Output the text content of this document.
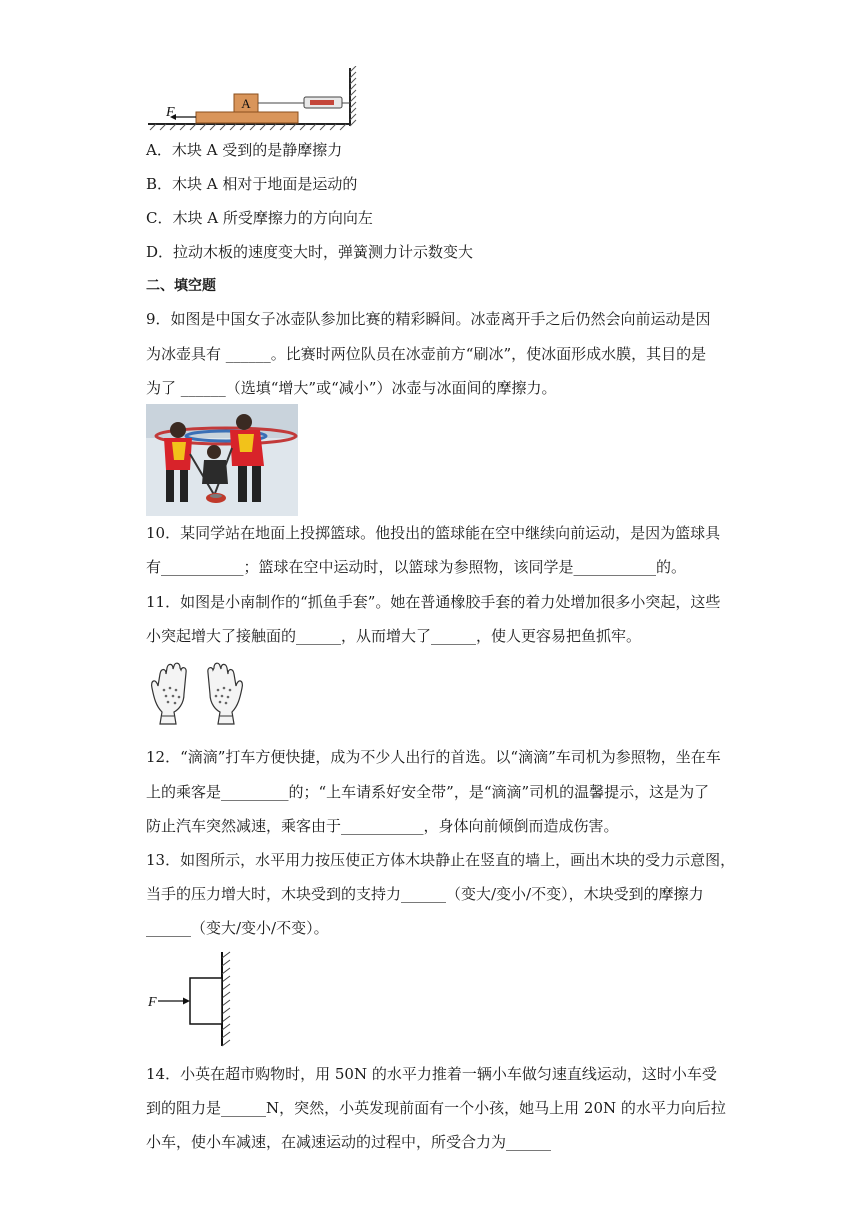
A
F
A．木块 A 受到的是静摩擦力
B．木块 A 相对于地面是运动的
C．木块 A 所受摩擦力的方向向左
D．拉动木板的速度变大时，弹簧测力计示数变大
二、填空题
9．如图是中国女子冰壶队参加比赛的精彩瞬间。冰壶离开手之后仍然会向前运动是因
为冰壶具有 ______。比赛时两位队员在冰壶前方“刷冰”，使冰面形成水膜，其目的是
为了 ______（选填“增大”或“减小”）冰壶与冰面间的摩擦力。
10．某同学站在地面上投掷篮球。他投出的篮球能在空中继续向前运动，是因为篮球具
有___________；篮球在空中运动时，以篮球为参照物，该同学是___________的。
11．如图是小南制作的“抓鱼手套”。她在普通橡胶手套的着力处增加很多小突起，这些
小突起增大了接触面的______，从而增大了______，使人更容易把鱼抓牢。
12．“滴滴”打车方便快捷，成为不少人出行的首选。以“滴滴”车司机为参照物，坐在车
上的乘客是_________的；“上车请系好安全带”，是“滴滴”司机的温馨提示，这是为了
防止汽车突然减速，乘客由于___________，身体向前倾倒而造成伤害。
13．如图所示，水平用力按压使正方体木块静止在竖直的墙上，画出木块的受力示意图，
当手的压力增大时，木块受到的支持力______（变大/变小/不变），木块受到的摩擦力
______（变大/变小/不变）。
F
14．小英在超市购物时，用 50N 的水平力推着一辆小车做匀速直线运动，这时小车受
到的阻力是______N，突然，小英发现前面有一个小孩，她马上用 20N 的水平力向后拉
小车，使小车减速，在减速运动的过程中，所受合力为______
